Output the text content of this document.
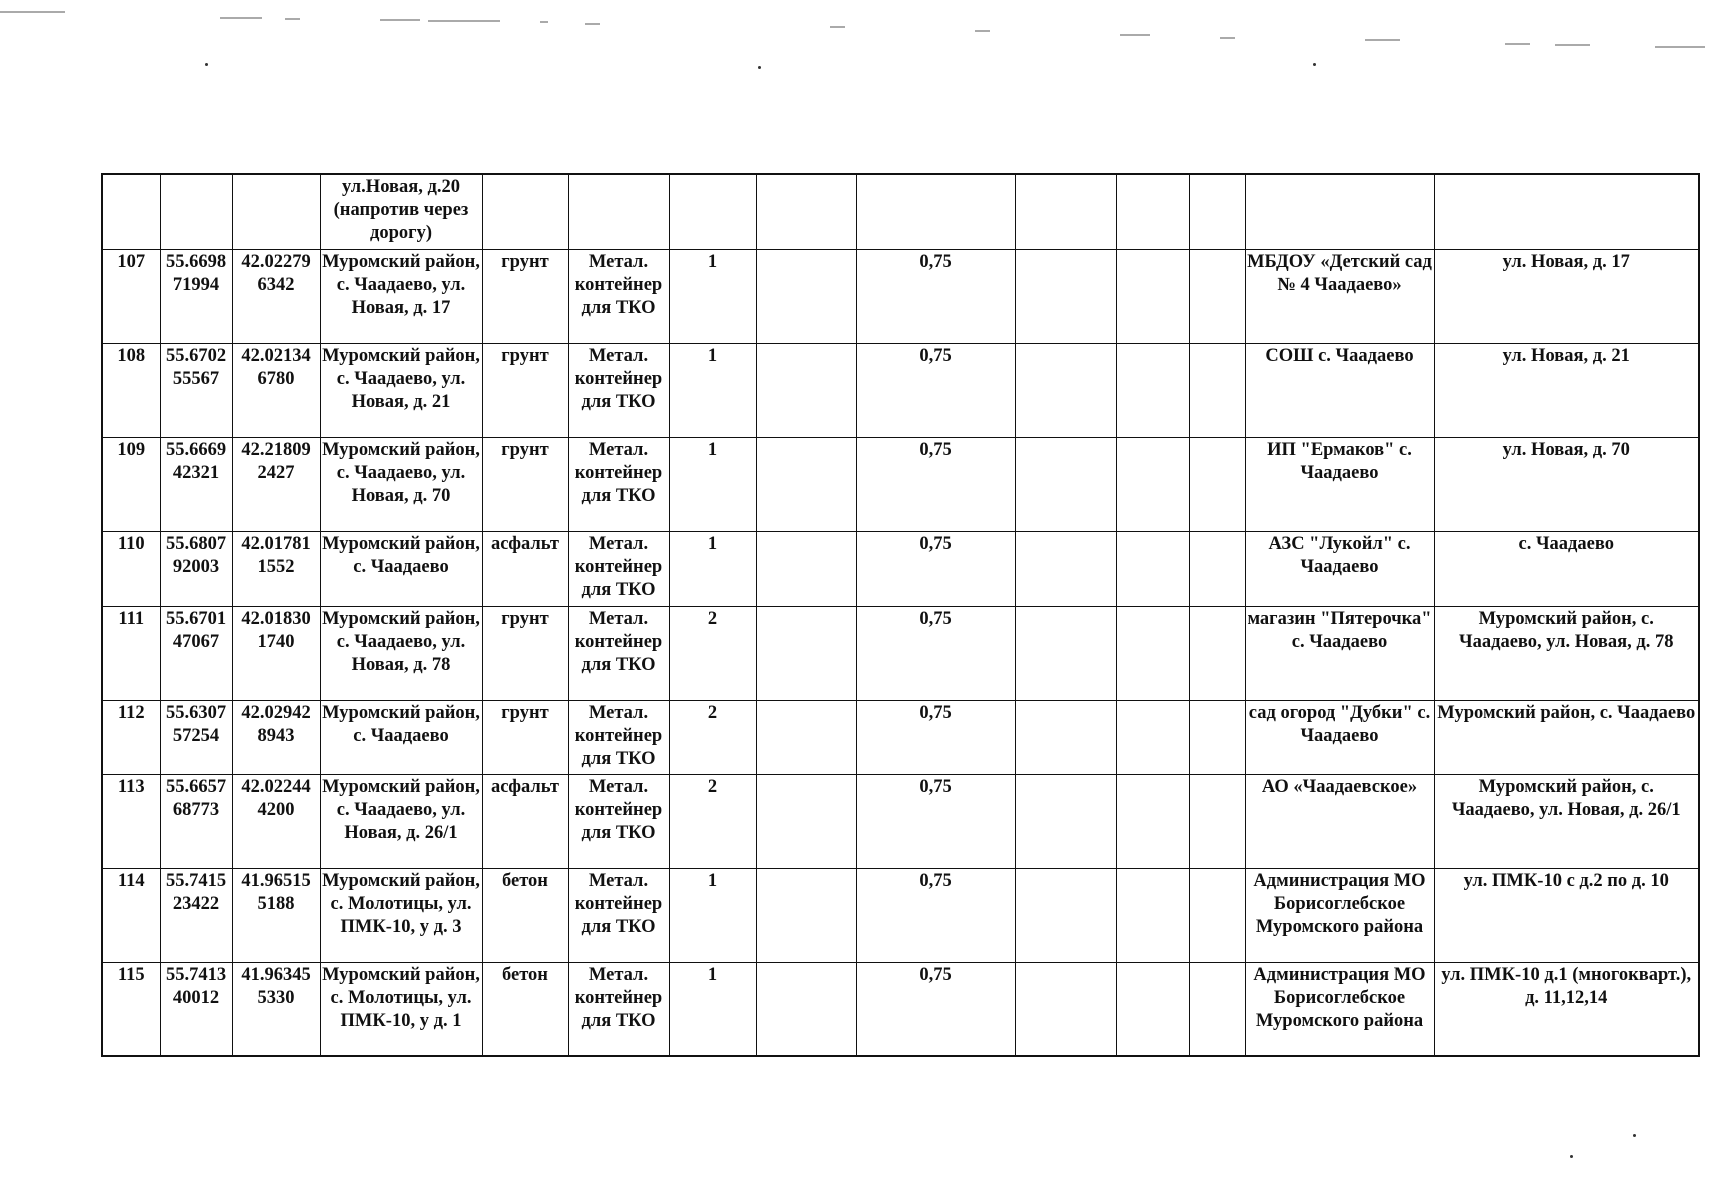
			ул.Новая, д.20 (напротив через дорогу)										
107	55.6698 71994	42.02279 6342	Муромский район, с. Чаадаево, ул. Новая, д. 17	грунт	Метал. контейнер для ТКО	1		0,75				МБДОУ «Детский сад № 4 Чаадаево»	ул. Новая, д. 17
108	55.6702 55567	42.02134 6780	Муромский район, с. Чаадаево, ул. Новая, д. 21	грунт	Метал. контейнер для ТКО	1		0,75				СОШ с. Чаадаево	ул. Новая, д. 21
109	55.6669 42321	42.21809 2427	Муромский район, с. Чаадаево, ул. Новая, д. 70	грунт	Метал. контейнер для ТКО	1		0,75				ИП "Ермаков" с. Чаадаево	ул. Новая, д. 70
110	55.6807 92003	42.01781 1552	Муромский район, с. Чаадаево	асфальт	Метал. контейнер для ТКО	1		0,75				АЗС "Лукойл" с. Чаадаево	с. Чаадаево
111	55.6701 47067	42.01830 1740	Муромский район, с. Чаадаево, ул. Новая, д. 78	грунт	Метал. контейнер для ТКО	2		0,75				магазин "Пятерочка" с. Чаадаево	Муромский район, с. Чаадаево, ул. Новая, д. 78
112	55.6307 57254	42.02942 8943	Муромский район, с. Чаадаево	грунт	Метал. контейнер для ТКО	2		0,75				сад огород "Дубки" с. Чаадаево	Муромский район, с. Чаадаево
113	55.6657 68773	42.02244 4200	Муромский район, с. Чаадаево, ул. Новая, д. 26/1	асфальт	Метал. контейнер для ТКО	2		0,75				АО «Чаадаевское»	Муромский район, с. Чаадаево, ул. Новая, д. 26/1
114	55.7415 23422	41.96515 5188	Муромский район, с. Молотицы, ул. ПМК-10, у д. 3	бетон	Метал. контейнер для ТКО	1		0,75				Администрация МО Борисоглебское Муромского района	ул. ПМК-10 с д.2 по д. 10
115	55.7413 40012	41.96345 5330	Муромский район, с. Молотицы, ул. ПМК-10, у д. 1	бетон	Метал. контейнер для ТКО	1		0,75				Администрация МО Борисоглебское Муромского района	ул. ПМК-10 д.1 (многокварт.), д. 11,12,14
